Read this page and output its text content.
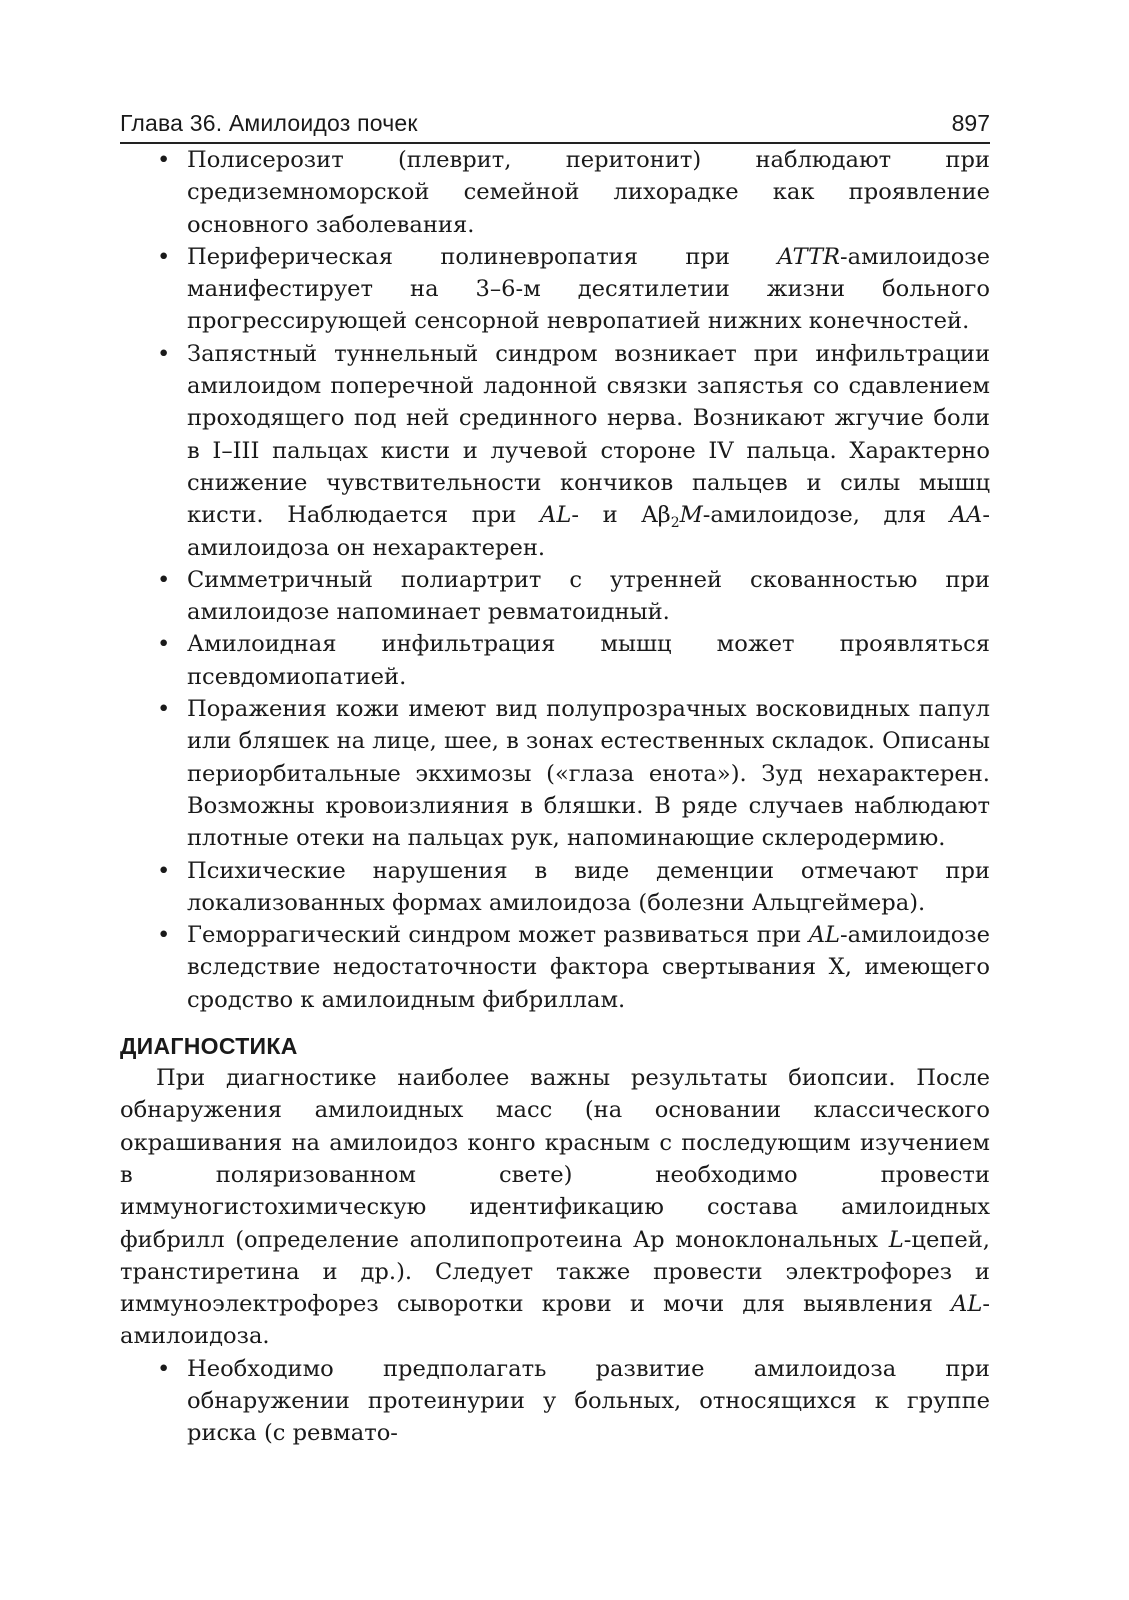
Глава 36. Амилоидоз почек	897
• Полисерозит (плеврит, перитонит) наблюдают при средиземноморской семейной лихорадке как проявление основного заболевания.
• Периферическая полиневропатия при ATTR-амилоидозе манифестирует на 3–6-м десятилетии жизни больного прогрессирующей сенсорной невропатией нижних конечностей.
• Запястный туннельный синдром возникает при инфильтрации амилоидом поперечной ладонной связки запястья со сдавлением проходящего под ней срединного нерва. Возникают жгучие боли в I–III пальцах кисти и лучевой стороне IV пальца. Характерно снижение чувствительности кончиков пальцев и силы мышц кисти. Наблюдается при AL- и $A\beta_2M$-амилоидозе, для AA-амилоидоза он нехарактерен.
• Симметричный полиартрит с утренней скованностью при амилоидозе напоминает ревматоидный.
• Амилоидная инфильтрация мышц может проявляться псевдомиопатией.
• Поражения кожи имеют вид полупрозрачных восковидных папул или бляшек на лице, шее, в зонах естественных складок. Описаны периорбитальные экхимозы («глаза енота»). Зуд нехарактерен. Возможны кровоизлияния в бляшки. В ряде случаев наблюдают плотные отеки на пальцах рук, напоминающие склеродермию.
• Психические нарушения в виде деменции отмечают при локализованных формах амилоидоза (болезни Альцгеймера).
• Геморрагический синдром может развиваться при AL-амилоидозе вследствие недостаточности фактора свертывания X, имеющего сродство к амилоидным фибриллам.
ДИАГНОСТИКА

При диагностике наиболее важны результаты биопсии. После обнаружения амилоидных масс (на основании классического окрашивания на амилоидоз конго красным с последующим изучением в поляризованном свете) необходимо провести иммуногистохимическую идентификацию состава амилоидных фибрилл (определение аполипопротеина Ар моноклональных L-цепей, транстиретина и др.). Следует также провести электрофорез и иммуноэлектрофорез сыворотки крови и мочи для выявления AL-амилоидоза.

• Необходимо предполагать развитие амилоидоза при обнаружении протеинурии у больных, относящихся к группе риска (с ревмато-
